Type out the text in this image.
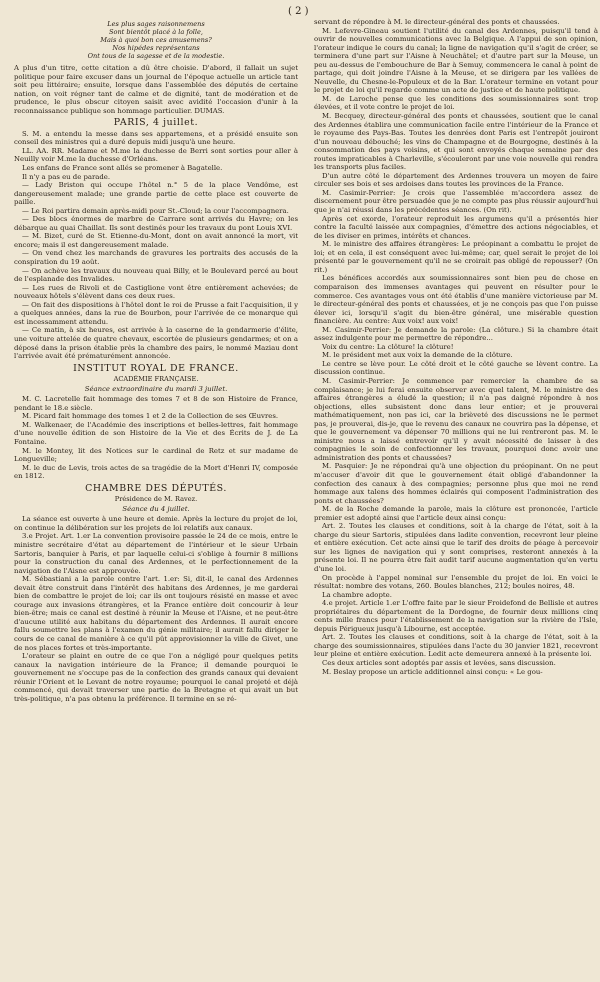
( 2 )
Les plus sages raisonnemens
Sont bientôt placé à la folle,
Mais à quoi bon ces amusemens?
Nos hipédes représentans
Ont tous de la sagesse et de la modestie.

A plus d'un titre, cette citation a dû être choisie. D'abord, il fallait un sujet politique pour faire excuser dans un journal de l'époque actuelle un article tant soit peu littéraire; ensuite, lorsque dans l'assemblée des députés de certaine nation, on voit régner tant de calme et de dignité, tant de modération et de prudence, le plus obscur citoyen saisit avec avidité l'occasion d'unir à la reconnaissance publique son hommage particulier. DUMAS.

PARIS, 4 juillet.

S. M. a entendu la messe dans ses appartemens, et a présidé ensuite son conseil des ministres qui a duré depuis midi jusqu'à une heure.

LL. AA. RR. Madame et M.me la duchesse de Berri sont sorties pour aller à Neuilly voir M.me la duchesse d'Orléans.

Les enfans de France sont allés se promener à Bagatelle.

Il n'y a pas eu de parade.

— Lady Briston qui occupe l'hôtel n.° 5 de la place Vendôme, est dangereusement malade; une grande partie de cette place est couverte de paille.

— Le Roi partira demain après-midi pour St.-Cloud; la cour l'accompagnera.

— Des blocs énormes de marbre de Carrare sont arrivés du Havre; on les débarque au quai Chaillat. Ils sont destinés pour les travaux du pont Louis XVI.

— M. Bizet, curé de St. Etienne-du-Mont, dont on avait annoncé la mort, vit encore; mais il est dangereusement malade.

— On vend chez les marchands de gravures les portraits des accusés de la conspiration du 19 août.

— On achève les travaux du nouveau quai Billy, et le Boulevard percé au bout de l'esplanade des Invalides.

— Les rues de Rivoli et de Castiglione vont être entièrement achevées; de nouveaux hôtels s'élèvent dans ces deux rues.

— On fait des dispositions à l'hôtel dont le roi de Prusse a fait l'acquisition, il y a quelques années, dans la rue de Bourbon, pour l'arrivée de ce monarque qui est incessamment attendu.

— Ce matin, à six heures, est arrivée à la caserne de la gendarmerie d'élite, une voiture attelée de quatre chevaux, escortée de plusieurs gendarmes; et on a déposé dans la prison établie près la chambre des pairs, le nommé Maziau dont l'arrivée avait été prématurément annoncée.

INSTITUT ROYAL DE FRANCE.
ACADÉMIE FRANÇAISE.
Séance extraordinaire du mardi 3 juillet.

M. C. Lacretelle fait hommage des tomes 7 et 8 de son Histoire de France, pendant le 18.e siècle.

M. Picard fait hommage des tomes 1 et 2 de la Collection de ses Œuvres.

M. Walkenaer, de l'Académie des inscriptions et belles-lettres, fait hommage d'une nouvelle édition de son Histoire de la Vie et des Écrits de J. de La Fontaine.

M. le Montey, lit des Notices sur le cardinal de Retz et sur madame de Longueville;

M. le duc de Levis, trois actes de sa tragédie de la Mort d'Henri IV, composée en 1812.

CHAMBRE DES DÉPUTÉS.
Présidence de M. Ravez.
Séance du 4 juillet.

La séance est ouverte à une heure et demie. Après la lecture du projet de loi, on continue la délibération sur les projets de loi relatifs aux canaux.

3.e Projet. Art. 1.er La convention provisoire passée le 24 de ce mois, entre le ministre secrétaire d'état au département de l'intérieur et le sieur Urbain Sartoris, banquier à Paris, et par laquelle celui-ci s'oblige à fournir 8 millions pour la construction du canal des Ardennes, et le perfectionnement de la navigation de l'Aisne est approuvée.

M. Sébastiani a la parole contre l'art. 1.er: Si, dit-il, le canal des Ardennes devait être construit dans l'intérêt des habitans des Ardennes, je me garderai bien de combattre le projet de loi; car ils ont toujours résisté en masse et avec courage aux invasions étrangères, et la France entière doit concourir à leur bien-être; mais ce canal est destiné à réunir la Meuse et l'Aisne, et ne peut-être d'aucune utilité aux habitans du département des Ardennes. Il aurait encore fallu soumettre les plans à l'examen du génie militaire; il aurait fallu diriger le cours de ce canal de manière à ce qu'il pût approvisionner la ville de Givet, une de nos places fortes et très-importante.

L'orateur se plaint en outre de ce que l'on a négligé pour quelques petits canaux la navigation intérieure de la France; il demande pourquoi le gouvernement ne s'occupe pas de la confection des grands canaux qui devaient réunir l'Orient et le Levant de notre royaume; pourquoi le canal projeté et déjà commencé, qui devait traverser une partie de la Bretagne et qui avait un but très-politique, n'a pas obtenu la préférence. Il termine en se ré-

servant de répondre à M. le directeur-général des ponts et chaussées.

M. Lefevre-Gineau soutient l'utilité du canal des Ardennes, puisqu'il tend à ouvrir de nouvelles communications avec la Belgique. A l'appui de son opinion, l'orateur indique le cours du canal; la ligne de navigation qu'il s'agit de créer, se terminera d'une part sur l'Aisne à Neuchâtel; et d'autre part sur la Meuse, un peu au-dessus de l'embouchure de Bar à Semuy, commencera le canal à point de partage, qui doit joindre l'Aisne à la Meuse, et se dirigera par les vallées de Neuvelle, du Chesne-le-Populeux et de la Bar. L'orateur termine en votant pour le projet de loi qu'il regarde comme un acte de justice et de haute politique.

M. de Laroche pense que les conditions des soumissionnaires sont trop élevées, et il vote contre le projet de loi.

M. Becquey, directeur-général des ponts et chaussées, soutient que le canal des Ardennes établira une communication facile entre l'intérieur de la France et le royaume des Pays-Bas. Toutes les denrées dont Paris est l'entrepôt jouiront d'un nouveau débouché; les vins de Champagne et de Bourgogne, destinés à la consommation des pays voisins, et qui sont envoyés chaque semaine par des routes impraticables à Charleville, s'écouleront par une voie nouvelle qui rendra les transports plus faciles.

D'un autre côté le département des Ardennes trouvera un moyen de faire circuler ses bois et ses ardoises dans toutes les provinces de la France.

M. Casimir-Perrier: Je crois que l'assemblée m'accordera assez de discernement pour être persuadée que je ne compte pas plus réussir aujourd'hui que je n'ai réussi dans les précédentes séances. (On rit).

Après cet exorde, l'orateur reproduit les argumens qu'il a présentés hier contre la faculté laissée aux compagnies, d'émettre des actions négociables, et de les diviser en primes, intérêts et chances.

M. le ministre des affaires étrangères: Le préopinant a combattu le projet de loi; et en cela, il est conséquent avec lui-même; car, quel serait le projet de loi présenté par le gouvernement qu'il ne se croirait pas obligé de repousser? (On rit.)

Les bénéfices accordés aux soumissionnaires sont bien peu de chose en comparaison des immenses avantages qui peuvent en résulter pour le commerce. Ces avantages vous ont été établis d'une manière victorieuse par M. le directeur-général des ponts et chaussées, et je ne conçois pas que l'on puisse élever ici, lorsqu'il s'agit du bien-être général, une misérable question financière. Au centre: Aux voix! aux voix!

M. Casimir-Perrier: Je demande la parole: (La clôture.) Si la chambre était assez indulgente pour me permettre de répondre...

Voix du centre: La clôture! la clôture!

M. le président met aux voix la demande de la clôture.

Le centre se lève pour. Le côté droit et le côté gauche se lèvent contre. La discussion continue.

M. Casimir-Perrier: Je commence par remercier la chambre de sa complaisance; je lui ferai ensuite observer avec quel talent, M. le ministre des affaires étrangères a éludé la question; il n'a pas daigné répondre à nos objections, elles subsistent donc dans leur entier; et je prouverai mathématiquement, non pas ici, car la brièveté des discussions ne le permet pas, je prouverai, dis-je, que le revenu des canaux ne couvrira pas la dépense, et que le gouvernement va dépenser 70 millions qui ne lui rentreront pas. M. le ministre nous a laissé entrevoir qu'il y avait nécessité de laisser à des compagnies le soin de confectionner les travaux, pourquoi donc avoir une administration des ponts et chaussées?

M. Pasquier: Je ne répondrai qu'à une objection du préopinant. On ne peut m'accuser d'avoir dit que le gouvernement était obligé d'abandonner la confection des canaux à des compagnies; personne plus que moi ne rend hommage aux talens des hommes éclairés qui composent l'administration des ponts et chaussées?

M. de la Roche demande la parole, mais la clôture est prononcée, l'article premier est adopté ainsi que l'article deux ainsi conçu:

Art. 2. Toutes les clauses et conditions, soit à la charge de l'état, soit à la charge du sieur Sartoris, stipulées dans ladite convention, recevront leur pleine et entière exécution. Cet acte ainsi que le tarif des droits de péage à percevoir sur les lignes de navigation qui y sont comprises, resteront annexés à la présente loi. Il ne pourra être fait audit tarif aucune augmentation qu'en vertu d'une loi.

On procède à l'appel nominal sur l'ensemble du projet de loi. En voici le résultat: nombre des votans, 260. Boules blanches, 212; boules noires, 48.

La chambre adopte.

4.e projet. Article 1.er L'offre faite par le sieur Froidefond de Bellisle et autres propriétaires du département de la Dordogne, de fournir deux millions cinq cents mille francs pour l'établissement de la navigation sur la rivière de l'Isle, depuis Périgueux jusqu'à Libourne, est acceptée.

Art. 2. Toutes les clauses et conditions, soit à la charge de l'état, soit à la charge des soumissionnaires, stipulées dans l'acte du 30 janvier 1821, recevront leur pleine et entière exécution. Ledit acte demeurera annexé à la présente loi.

Ces deux articles sont adoptés par assis et levées, sans discussion.

M. Beslay propose un article additionnel ainsi conçu: « Le gou-
